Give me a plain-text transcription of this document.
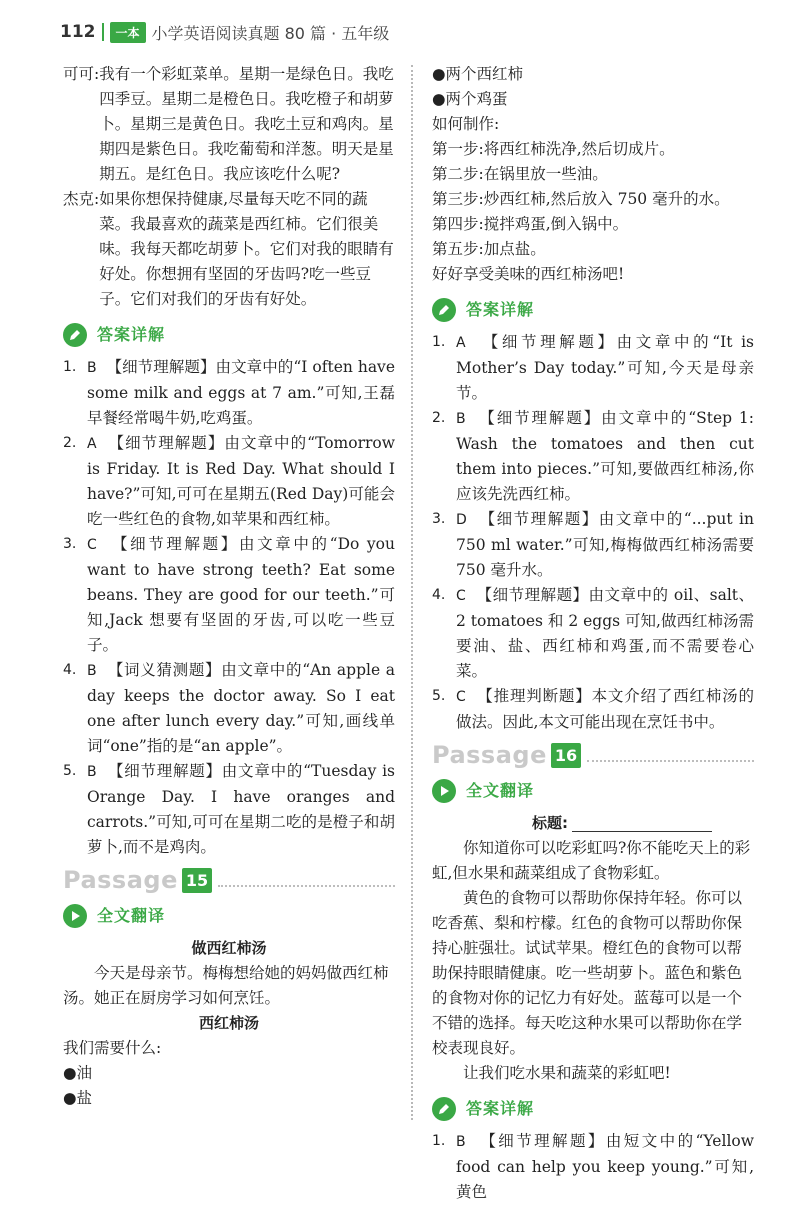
112	一本 小学英语阅读真题 80 篇 · 五年级
可可: 我有一个彩虹菜单。星期一是绿色日。我吃四季豆。星期二是橙色日。我吃橙子和胡萝卜。星期三是黄色日。我吃土豆和鸡肉。星期四是紫色日。我吃葡萄和洋葱。明天是星期五。是红色日。我应该吃什么呢?
杰克: 如果你想保持健康,尽量每天吃不同的蔬菜。我最喜欢的蔬菜是西红柿。它们很美味。我每天都吃胡萝卜。它们对我的眼睛有好处。你想拥有坚固的牙齿吗?吃一些豆子。它们对我们的牙齿有好处。
答案详解
1. B 【细节理解题】由文章中的“I often have some milk and eggs at 7 am.”可知,王磊早餐经常喝牛奶,吃鸡蛋。
2. A 【细节理解题】由文章中的“Tomorrow is Friday. It is Red Day. What should I have?”可知,可可在星期五(Red Day)可能会吃一些红色的食物,如苹果和西红柿。
3. C 【细节理解题】由文章中的“Do you want to have strong teeth? Eat some beans. They are good for our teeth.”可知,Jack 想要有坚固的牙齿,可以吃一些豆子。
4. B 【词义猜测题】由文章中的“An apple a day keeps the doctor away. So I eat one after lunch every day.”可知,画线单词“one”指的是“an apple”。
5. B 【细节理解题】由文章中的“Tuesday is Orange Day. I have oranges and carrots.”可知,可可在星期二吃的是橙子和胡萝卜,而不是鸡肉。
Passage 15
全文翻译

做西红柿汤

今天是母亲节。梅梅想给她的妈妈做西红柿汤。她正在厨房学习如何烹饪。

西红柿汤

我们需要什么:

● 油

● 盐

● 两个西红柿

● 两个鸡蛋

如何制作:

第一步:将西红柿洗净,然后切成片。

第二步:在锅里放一些油。

第三步:炒西红柿,然后放入 750 毫升的水。

第四步:搅拌鸡蛋,倒入锅中。

第五步:加点盐。

好好享受美味的西红柿汤吧!

答案详解
1. A 【细节理解题】由文章中的“It is Mother’s Day today.”可知,今天是母亲节。
2. B 【细节理解题】由文章中的“Step 1: Wash the tomatoes and then cut them into pieces.”可知,要做西红柿汤,你应该先洗西红柿。
3. D 【细节理解题】由文章中的“...put in 750 ml water.”可知,梅梅做西红柿汤需要750 毫升水。
4. C 【细节理解题】由文章中的 oil、salt、2 tomatoes 和 2 eggs 可知,做西红柿汤需要油、盐、西红柿和鸡蛋,而不需要卷心菜。
5. C 【推理判断题】本文介绍了西红柿汤的做法。因此,本文可能出现在烹饪书中。
Passage 16
全文翻译
标题:

你知道你可以吃彩虹吗?你不能吃天上的彩虹,但水果和蔬菜组成了食物彩虹。

黄色的食物可以帮助你保持年轻。你可以吃香蕉、梨和柠檬。红色的食物可以帮助你保持心脏强壮。试试苹果。橙红色的食物可以帮助保持眼睛健康。吃一些胡萝卜。蓝色和紫色的食物对你的记忆力有好处。蓝莓可以是一个不错的选择。每天吃这种水果可以帮助你在学校表现良好。

让我们吃水果和蔬菜的彩虹吧!

答案详解
1. B 【细节理解题】由短文中的“Yellow food can help you keep young.”可知,黄色
